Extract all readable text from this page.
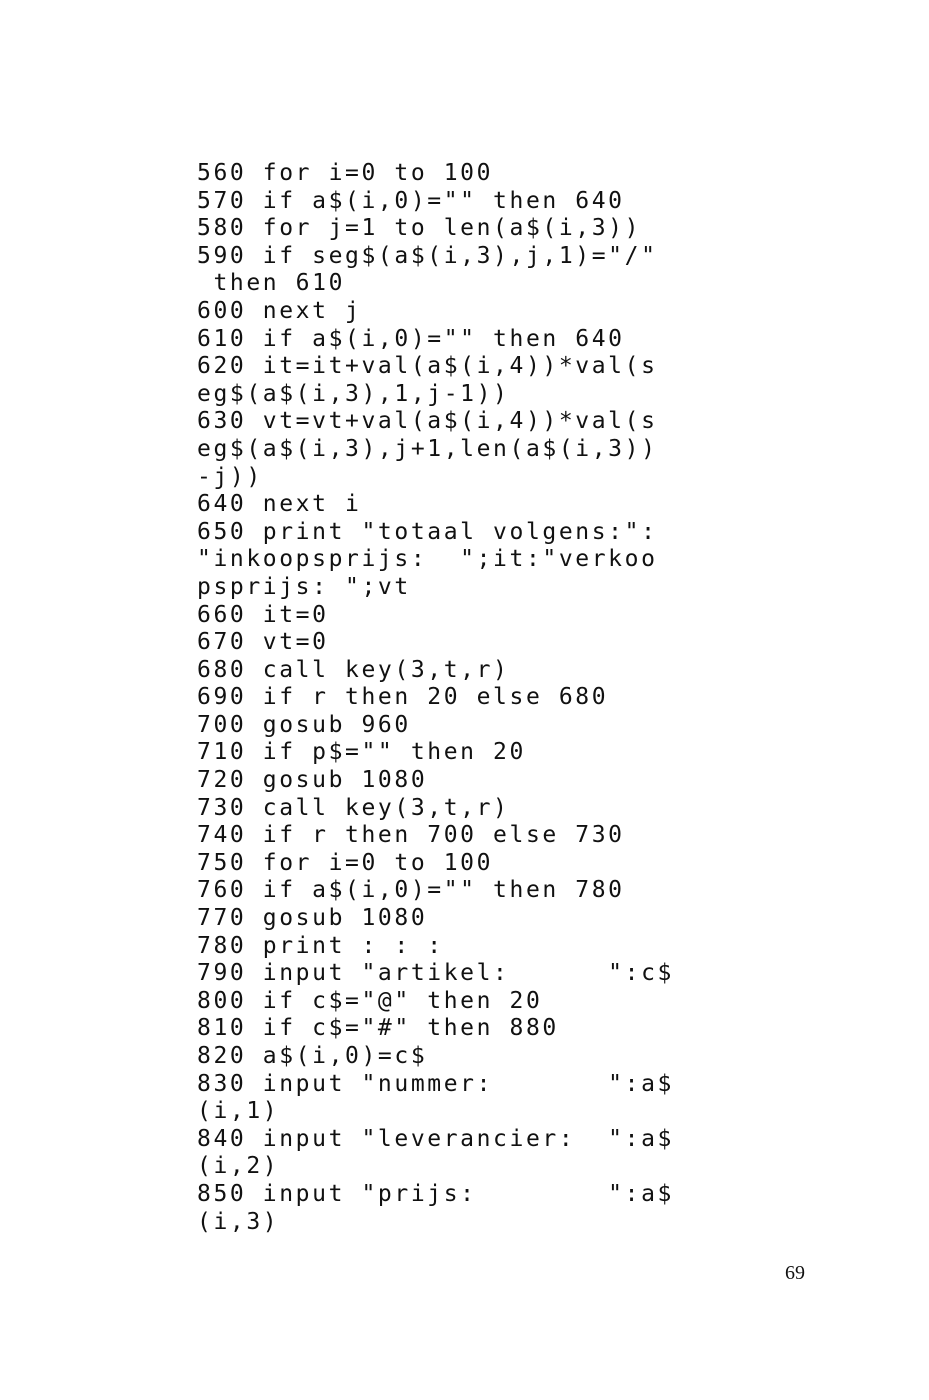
560 for i=0 to 100
570 if a$(i,0)="" then 640
580 for j=1 to len(a$(i,3))
590 if seg$(a$(i,3),j,1)="/"
then 610
600 next j
610 if a$(i,0)="" then 640
620 it=it+val(a$(i,4))*val(s
eg$(a$(i,3),1,j-1))
630 vt=vt+val(a$(i,4))*val(s
eg$(a$(i,3),j+1,len(a$(i,3))
-j))
640 next i
650 print "totaal volgens:":
"inkoopsprijs:  ";it:"verkoo
psprijs: ";vt
660 it=0
670 vt=0
680 call key(3,t,r)
690 if r then 20 else 680
700 gosub 960
710 if p$="" then 20
720 gosub 1080
730 call key(3,t,r)
740 if r then 700 else 730
750 for i=0 to 100
760 if a$(i,0)="" then 780
770 gosub 1080
780 print : : :
790 input "artikel:      ":c$
800 if c$="@" then 20
810 if c$="#" then 880
820 a$(i,0)=c$
830 input "nummer:       ":a$
(i,1)
840 input "leverancier:  ":a$
(i,2)
850 input "prijs:        ":a$
(i,3)
69
